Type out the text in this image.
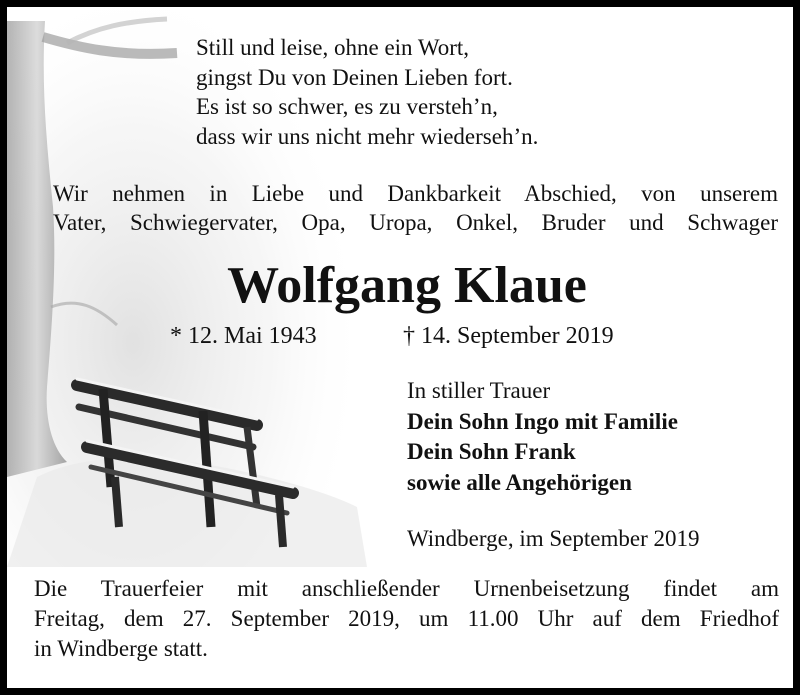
Still und leise, ohne ein Wort,
gingst Du von Deinen Lieben fort.
Es ist so schwer, es zu versteh’n,
dass wir uns nicht mehr wiederseh’n.
Wir nehmen in Liebe und Dankbarkeit Abschied, von unserem
Vater, Schwiegervater, Opa, Uropa, Onkel, Bruder und Schwager
Wolfgang Klaue
* 12. Mai 1943	† 14. September 2019
In stiller Trauer
Dein Sohn Ingo mit Familie
Dein Sohn Frank
sowie alle Angehörigen
Windberge, im September 2019
Die Trauerfeier mit anschließender Urnenbeisetzung findet am
Freitag, dem 27. September 2019, um 11.00 Uhr auf dem Friedhof
in Windberge statt.
